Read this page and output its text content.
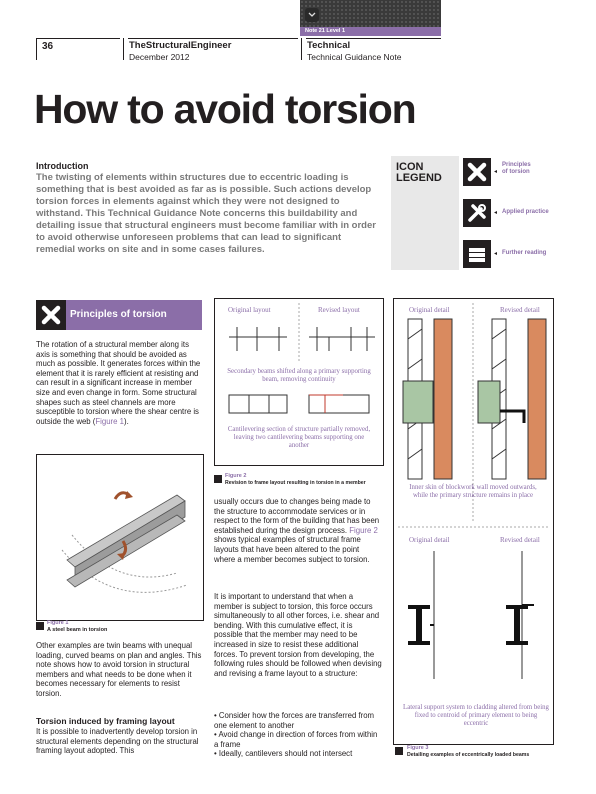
Note 21 Level 1
36	TheStructuralEngineer
December 2012
Technical
Technical Guidance Note
How to avoid torsion
Introduction
The twisting of elements within structures due to eccentric loading is something that is best avoided as far as is possible. Such actions develop torsion forces in elements against which they were not designed to withstand. This Technical Guidance Note concerns this buildability and detailing issue that structural engineers must become familiar with in order to avoid otherwise unforeseen problems that can lead to significant remedial works on site and in some cases failures.
ICON
LEGEND	◂
Principles
of torsion
◂ Applied practice
◂ Further reading
Principles of torsion
The rotation of a structural member along its axis is something that should be avoided as much as possible. It generates forces within the element that it is rarely efficient at resisting and can result in a significant increase in member size and even change in form. Some structural shapes such as steel channels are more susceptible to torsion where the shear centre is outside the web (Figure 1).
Figure 1
A steel beam in torsion
Other examples are twin beams with unequal loading, curved beams on plan and angles. This note shows how to avoid torsion in structural members and what needs to be done when it becomes necessary for elements to resist torsion.
Torsion induced by framing layout
It is possible to inadvertently develop torsion in structural elements depending on the structural framing layout adopted. This
Original layout	Revised layout
Secondary beams shifted along a primary supporting beam, removing continuity
Cantilevering section of structure partially removed, leaving two cantilevering beams supporting one another
Figure 2
Revision to frame layout resulting in torsion in a member
usually occurs due to changes being made to the structure to accommodate services or in respect to the form of the building that has been established during the design process. Figure 2 shows typical examples of structural frame layouts that have been altered to the point where a member becomes subject to torsion.
It is important to understand that when a member is subject to torsion, this force occurs simultaneously to all other forces, i.e. shear and bending. With this cumulative effect, it is possible that the member may need to be increased in size to resist these additional forces. To prevent torsion from developing, the following rules should be followed when devising and revising a frame layout to a structure:
• Consider how the forces are transferred from one element to another
• Avoid change in direction of forces from within a frame
• Ideally, cantilevers should not intersect
Original detail	Revised detail
Inner skin of blockwork wall moved outwards, while the primary structure remains in place
Original detail	Revised detail
Lateral support system to cladding altered from being fixed to centroid of primary element to being eccentric
Figure 3
Detailing examples of eccentrically loaded beams
